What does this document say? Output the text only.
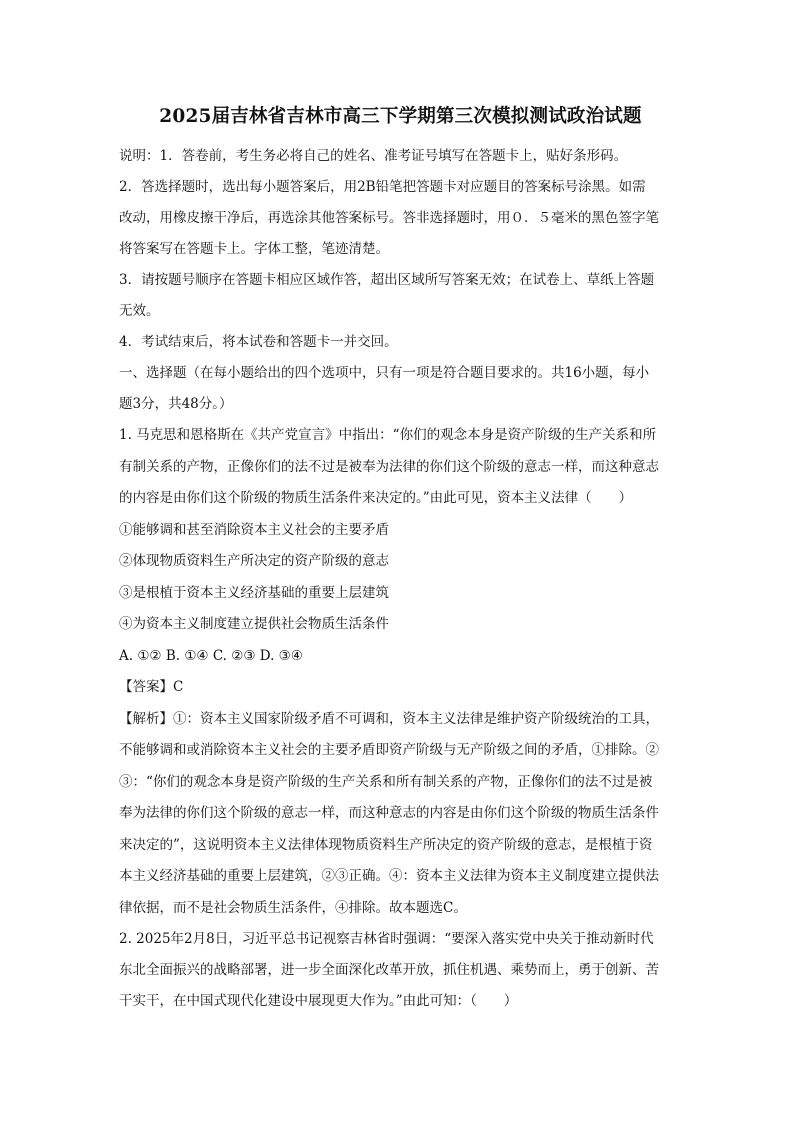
2025届吉林省吉林市高三下学期第三次模拟测试政治试题

说明：1．答卷前，考生务必将自己的姓名、准考证号填写在答题卡上，贴好条形码。

2．答选择题时，选出每小题答案后，用2B铅笔把答题卡对应题目的答案标号涂黑。如需

改动，用橡皮擦干净后，再选涂其他答案标号。答非选择题时，用０．５毫米的黑色签字笔

将答案写在答题卡上。字体工整，笔迹清楚。

3．请按题号顺序在答题卡相应区域作答，超出区域所写答案无效；在试卷上、草纸上答题

无效。

4．考试结束后，将本试卷和答题卡一并交回。

一、选择题（在每小题给出的四个选项中，只有一项是符合题目要求的。共16小题，每小

题3分，共48分。）

1. 马克思和恩格斯在《共产党宣言》中指出：“你们的观念本身是资产阶级的生产关系和所

有制关系的产物，正像你们的法不过是被奉为法律的你们这个阶级的意志一样，而这种意志

的内容是由你们这个阶级的物质生活条件来决定的。”由此可见，资本主义法律（　　）

①能够调和甚至消除资本主义社会的主要矛盾

②体现物质资料生产所决定的资产阶级的意志

③是根植于资本主义经济基础的重要上层建筑

④为资本主义制度建立提供社会物质生活条件

A. ①② B. ①④ C. ②③ D. ③④

【答案】C

【解析】①：资本主义国家阶级矛盾不可调和，资本主义法律是维护资产阶级统治的工具，

不能够调和或消除资本主义社会的主要矛盾即资产阶级与无产阶级之间的矛盾，①排除。②

③：“你们的观念本身是资产阶级的生产关系和所有制关系的产物，正像你们的法不过是被

奉为法律的你们这个阶级的意志一样，而这种意志的内容是由你们这个阶级的物质生活条件

来决定的”，这说明资本主义法律体现物质资料生产所决定的资产阶级的意志，是根植于资

本主义经济基础的重要上层建筑，②③正确。④：资本主义法律为资本主义制度建立提供法

律依据，而不是社会物质生活条件，④排除。故本题选C。

2. 2025年2月8日，习近平总书记视察吉林省时强调：“要深入落实党中央关于推动新时代

东北全面振兴的战略部署，进一步全面深化改革开放，抓住机遇、乘势而上，勇于创新、苦

干实干，在中国式现代化建设中展现更大作为。”由此可知：（　　）
